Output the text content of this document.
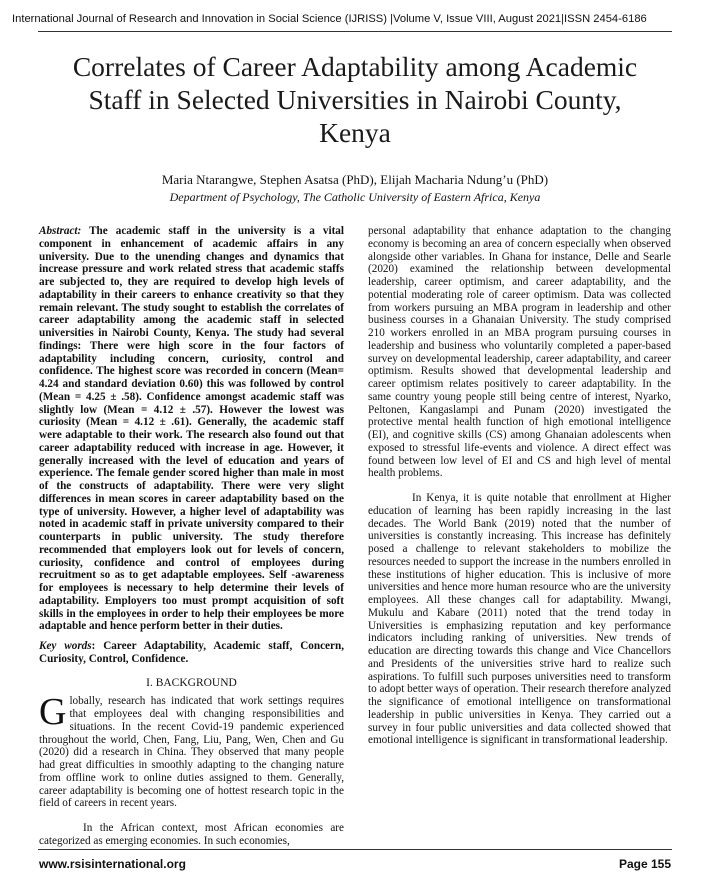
International Journal of Research and Innovation in Social Science (IJRISS) |Volume V, Issue VIII, August 2021|ISSN 2454-6186
Correlates of Career Adaptability among Academic
Staff in Selected Universities in Nairobi County,
Kenya
Maria Ntarangwe, Stephen Asatsa (PhD), Elijah Macharia Ndung’u (PhD)
Department of Psychology, The Catholic University of Eastern Africa, Kenya

Abstract: The academic staff in the university is a vital component in enhancement of academic affairs in any university. Due to the unending changes and dynamics that increase pressure and work related stress that academic staffs are subjected to, they are required to develop high levels of adaptability in their careers to enhance creativity so that they remain relevant. The study sought to establish the correlates of career adaptability among the academic staff in selected universities in Nairobi County, Kenya. The study had several findings: There were high score in the four factors of adaptability including concern, curiosity, control and confidence. The highest score was recorded in concern (Mean= 4.24 and standard deviation 0.60) this was followed by control (Mean = 4.25 ± .58). Confidence amongst academic staff was slightly low (Mean = 4.12 ± .57). However the lowest was curiosity (Mean = 4.12 ± .61). Generally, the academic staff were adaptable to their work. The research also found out that career adaptability reduced with increase in age. However, it generally increased with the level of education and years of experience. The female gender scored higher than male in most of the constructs of adaptability. There were very slight differences in mean scores in career adaptability based on the type of university. However, a higher level of adaptability was noted in academic staff in private university compared to their counterparts in public university. The study therefore recommended that employers look out for levels of concern, curiosity, confidence and control of employees during recruitment so as to get adaptable employees. Self -awareness for employees is necessary to help determine their levels of adaptability. Employers too must prompt acquisition of soft skills in the employees in order to help their employees be more adaptable and hence perform better in their duties.

Key words: Career Adaptability, Academic staff, Concern, Curiosity, Control, Confidence.

I. BACKGROUND

Globally, research has indicated that work settings requires that employees deal with changing responsibilities and situations. In the recent Covid-19 pandemic experienced throughout the world, Chen, Fang, Liu, Pang, Wen, Chen and Gu (2020) did a research in China. They observed that many people had great difficulties in smoothly adapting to the changing nature from offline work to online duties assigned to them. Generally, career adaptability is becoming one of hottest research topic in the field of careers in recent years.

In the African context, most African economies are categorized as emerging economies. In such economies,

personal adaptability that enhance adaptation to the changing economy is becoming an area of concern especially when observed alongside other variables. In Ghana for instance, Delle and Searle (2020) examined the relationship between developmental leadership, career optimism, and career adaptability, and the potential moderating role of career optimism. Data was collected from workers pursuing an MBA program in leadership and other business courses in a Ghanaian University. The study comprised 210 workers enrolled in an MBA program pursuing courses in leadership and business who voluntarily completed a paper-based survey on developmental leadership, career adaptability, and career optimism. Results showed that developmental leadership and career optimism relates positively to career adaptability. In the same country young people still being centre of interest, Nyarko, Peltonen, Kangaslampi and Punam (2020) investigated the protective mental health function of high emotional intelligence (EI), and cognitive skills (CS) among Ghanaian adolescents when exposed to stressful life-events and violence. A direct effect was found between low level of EI and CS and high level of mental health problems.

In Kenya, it is quite notable that enrollment at Higher education of learning has been rapidly increasing in the last decades. The World Bank (2019) noted that the number of universities is constantly increasing. This increase has definitely posed a challenge to relevant stakeholders to mobilize the resources needed to support the increase in the numbers enrolled in these institutions of higher education. This is inclusive of more universities and hence more human resource who are the university employees. All these changes call for adaptability. Mwangi, Mukulu and Kabare (2011) noted that the trend today in Universities is emphasizing reputation and key performance indicators including ranking of universities. New trends of education are directing towards this change and Vice Chancellors and Presidents of the universities strive hard to realize such aspirations. To fulfill such purposes universities need to transform to adopt better ways of operation. Their research therefore analyzed the significance of emotional intelligence on transformational leadership in public universities in Kenya. They carried out a survey in four public universities and data collected showed that emotional intelligence is significant in transformational leadership.

www.rsisinternational.org	Page 155
